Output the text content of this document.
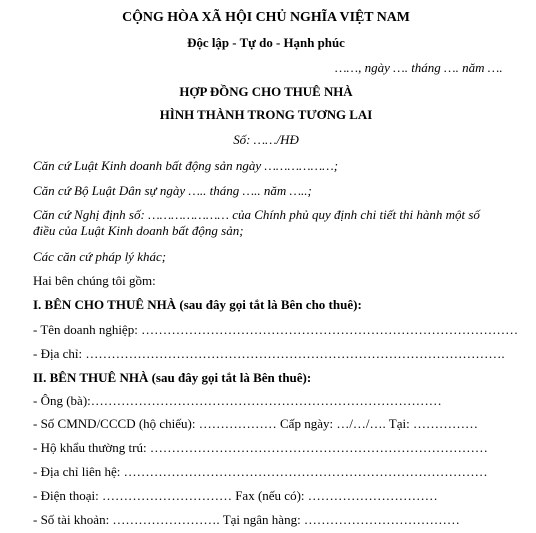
CỘNG HÒA XÃ HỘI CHỦ NGHĨA VIỆT NAM
Độc lập - Tự do - Hạnh phúc
……, ngày …. tháng …. năm ….
HỢP ĐỒNG CHO THUÊ NHÀ
HÌNH THÀNH TRONG TƯƠNG LAI
Số: ……/HĐ
Căn cứ Luật Kinh doanh bất động sản ngày ………………;
Căn cứ Bộ Luật Dân sự ngày ….. tháng ….. năm …..;
Căn cứ Nghị định số: ………………… của Chính phủ quy định chi tiết thi hành một số
điều của Luật Kinh doanh bất động sản;
Các căn cứ pháp lý khác;
Hai bên chúng tôi gồm:
I. BÊN CHO THUÊ NHÀ (sau đây gọi tắt là Bên cho thuê):
- Tên doanh nghiệp: ……………………………………………………………………………
- Địa chỉ: …………………………………………………………………………………….
II. BÊN THUÊ NHÀ (sau đây gọi tắt là Bên thuê):
- Ông (bà):………………………………………………………………………
- Số CMND/CCCD (hộ chiếu): ……………… Cấp ngày: …/…/…. Tại: ……………
- Hộ khẩu thường trú: ……………………………………………………………………
- Địa chỉ liên hệ: …………………………………………………………………………
- Điện thoại: ………………………… Fax (nếu có): …………………………
- Số tài khoản: ……………………. Tại ngân hàng: ………………………………
